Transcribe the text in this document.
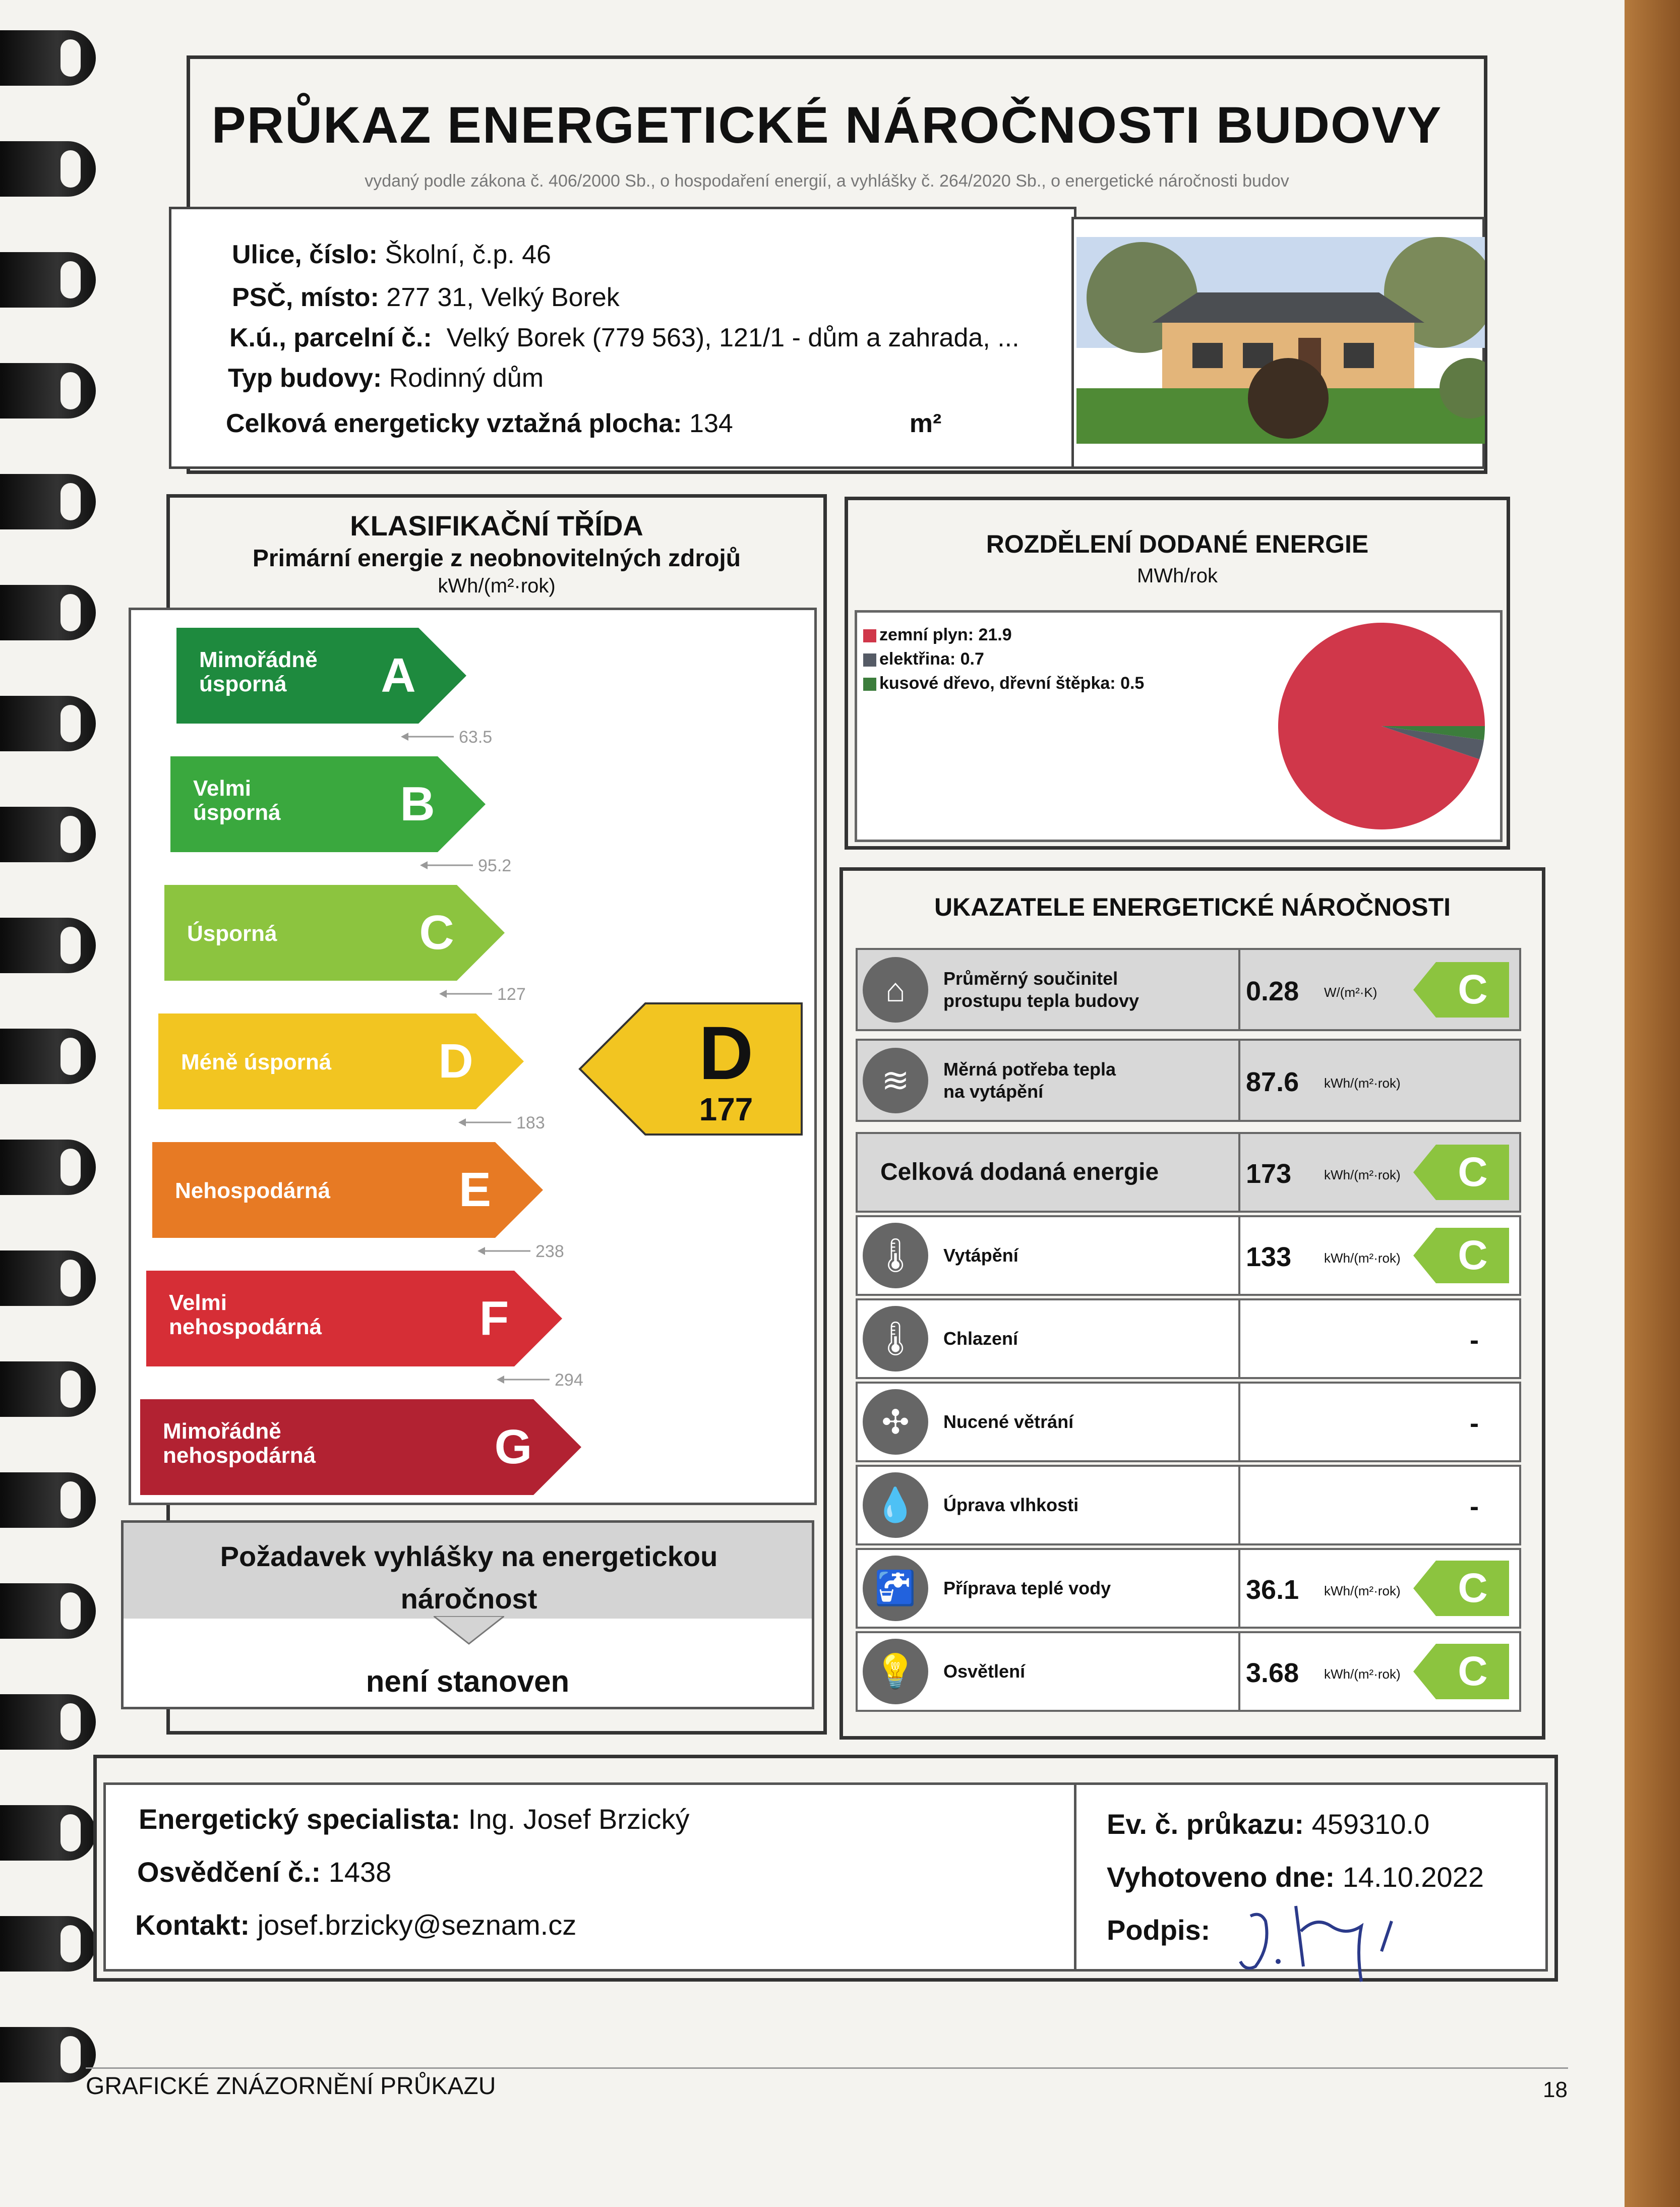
PRŮKAZ ENERGETICKÉ NÁROČNOSTI BUDOVY
vydaný podle zákona č. 406/2000 Sb., o hospodaření energií, a vyhlášky č. 264/2020 Sb., o energetické náročnosti budov
Ulice, číslo: Školní, č.p. 46
PSČ, místo: 277 31, Velký Borek
K.ú., parcelní č.: Velký Borek (779 563), 121/1 - dům a zahrada, ...
Typ budovy: Rodinný dům
Celková energeticky vztažná plocha: 134	m²
KLASIFIKAČNÍ TŘÍDA
Primární energie z neobnovitelných zdrojů
kWh/(m²·rok)
A
Mimořádně
úsporná
63.5
B
Velmi
úsporná
95.2
C
Úsporná
127
D
Méně úsporná
183
E
Nehospodárná
238
F
Velmi
nehospodárná
294
G
Mimořádně
nehospodárná
D
177
Požadavek vyhlášky na energetickou náročnost
není stanoven
ROZDĚLENÍ DODANÉ ENERGIE
MWh/rok
zemní plyn: 21.9
elektřina: 0.7
kusové dřevo, dřevní štěpka: 0.5
UKAZATELE ENERGETICKÉ NÁROČNOSTI
⌂	Průměrný součinitel
prostupu tepla budovy	0.28 W/(m²·K) C
≋	Měrná potřeba tepla
na vytápění	87.6 kWh/(m²·rok)
Celková dodaná energie	173 kWh/(m²·rok) C
🌡	Vytápění	133 kWh/(m²·rok) C
🌡	Chlazení	-
✣	Nucené větrání	-
💧	Úprava vlhkosti	-
🚰	Příprava teplé vody	36.1 kWh/(m²·rok) C
💡	Osvětlení	3.68 kWh/(m²·rok) C
Energetický specialista: Ing. Josef Brzický
Osvědčení č.: 1438
Kontakt: josef.brzicky@seznam.cz
Ev. č. průkazu: 459310.0
Vyhotoveno dne: 14.10.2022
Podpis:
GRAFICKÉ ZNÁZORNĚNÍ PRŮKAZU	18
